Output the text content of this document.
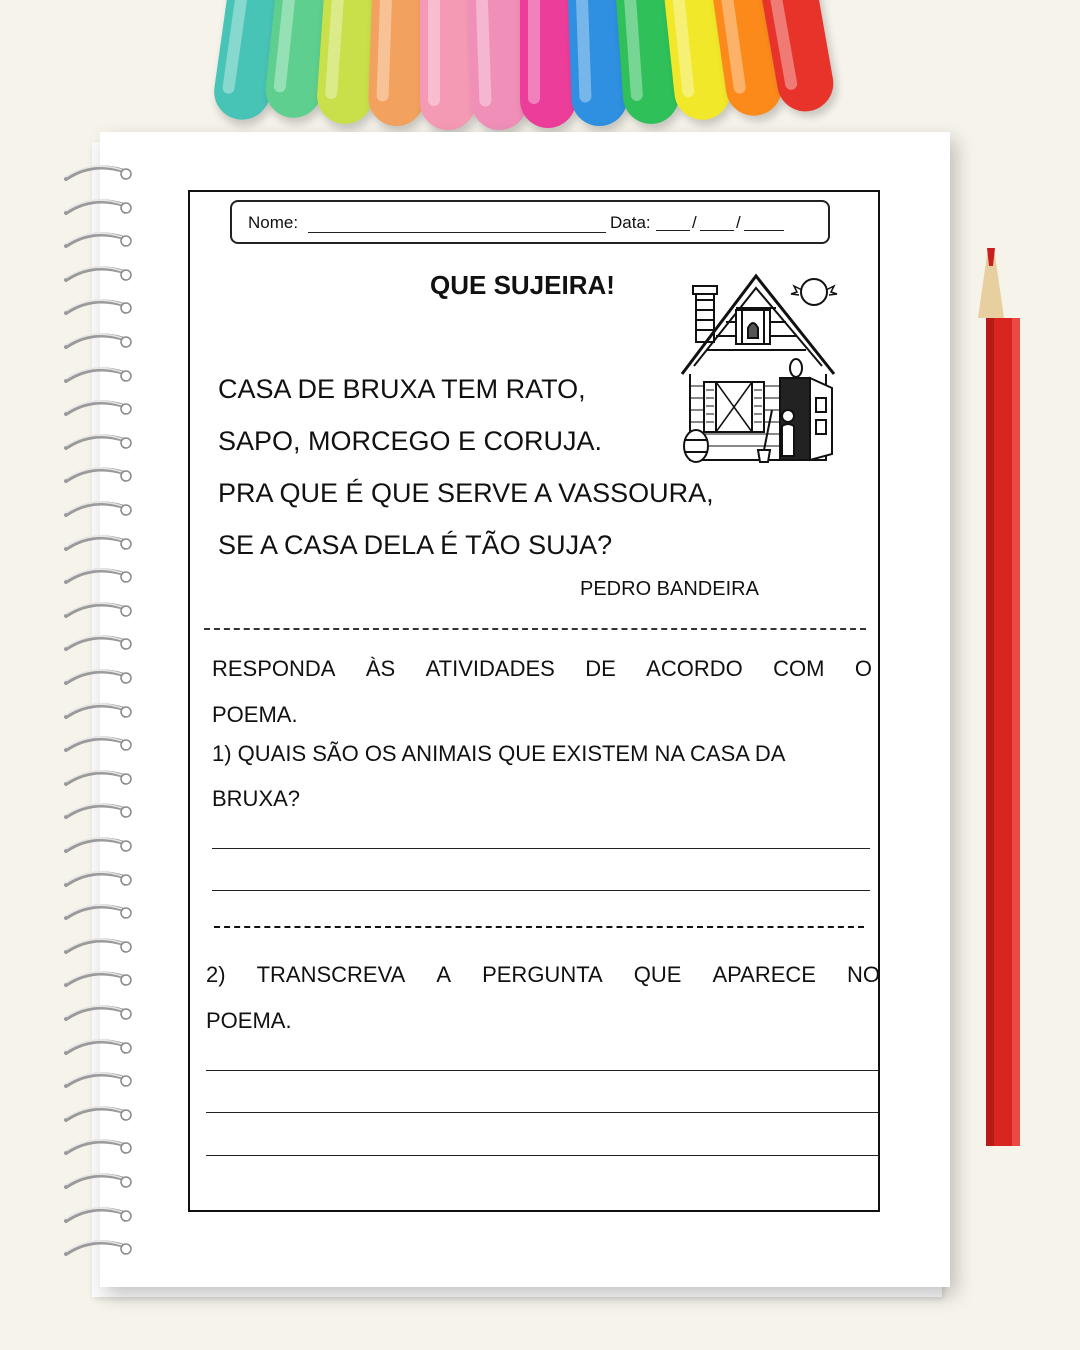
Nome:	Data: / /
QUE SUJEIRA!
CASA DE BRUXA TEM RATO,
SAPO, MORCEGO E CORUJA.
PRA QUE É QUE SERVE A VASSOURA,
SE A CASA DELA É TÃO SUJA?
PEDRO BANDEIRA
RESPONDA ÀS ATIVIDADES DE ACORDO COM O
POEMA.
1) QUAIS SÃO OS ANIMAIS QUE EXISTEM NA CASA DA
BRUXA?
2) TRANSCREVA A PERGUNTA QUE APARECE NO
POEMA.
